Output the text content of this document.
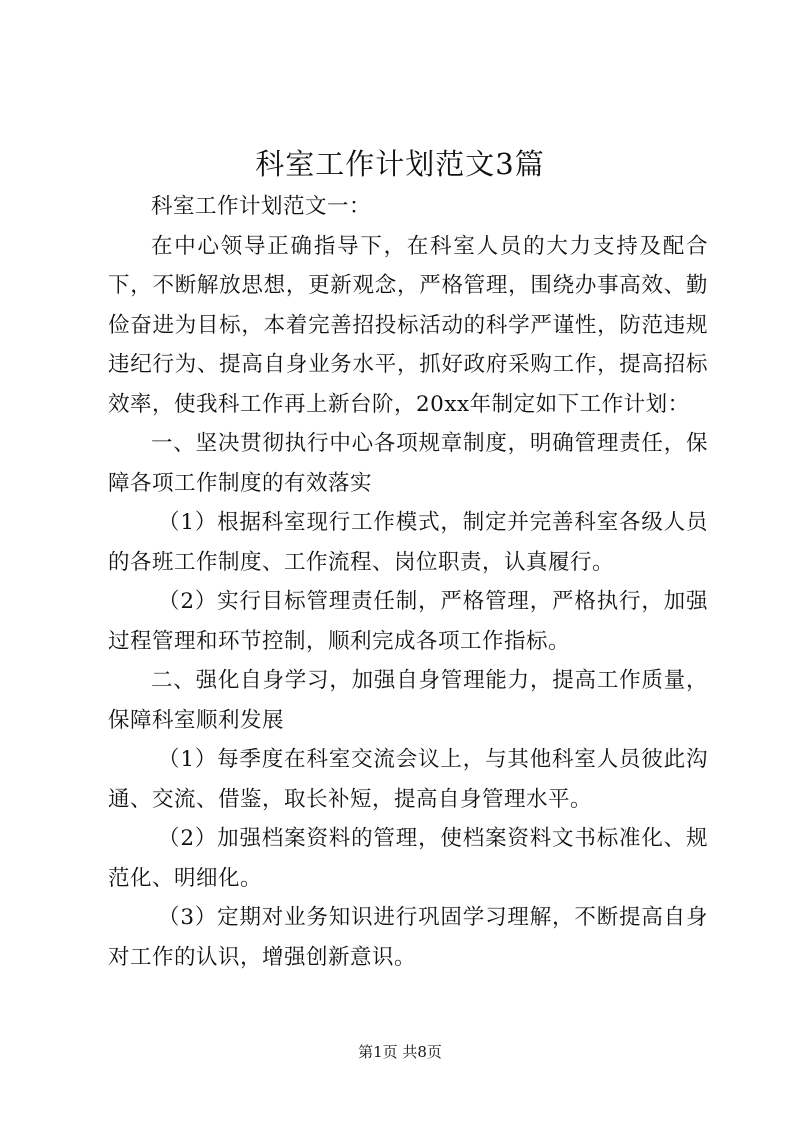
科室工作计划范文3篇

科室工作计划范文一：

在中心领导正确指导下，在科室人员的大力支持及配合下，不断解放思想，更新观念，严格管理，围绕办事高效、勤俭奋进为目标，本着完善招投标活动的科学严谨性，防范违规违纪行为、提高自身业务水平，抓好政府采购工作，提高招标效率，使我科工作再上新台阶，20xx年制定如下工作计划：

一、坚决贯彻执行中心各项规章制度，明确管理责任，保障各项工作制度的有效落实

（1）根据科室现行工作模式，制定并完善科室各级人员的各班工作制度、工作流程、岗位职责，认真履行。

（2）实行目标管理责任制，严格管理，严格执行，加强过程管理和环节控制，顺利完成各项工作指标。

二、强化自身学习，加强自身管理能力，提高工作质量，保障科室顺利发展

（1）每季度在科室交流会议上，与其他科室人员彼此沟通、交流、借鉴，取长补短，提高自身管理水平。

（2）加强档案资料的管理，使档案资料文书标准化、规范化、明细化。

（3）定期对业务知识进行巩固学习理解，不断提高自身对工作的认识，增强创新意识。

第1页 共8页
